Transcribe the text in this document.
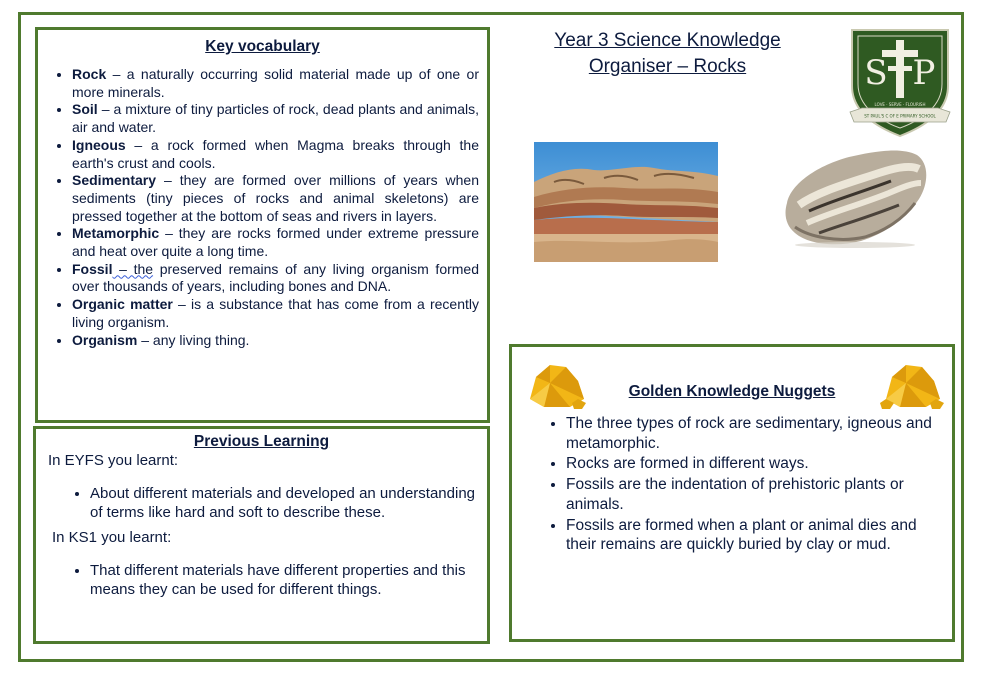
Key vocabulary
• Rock – a naturally occurring solid material made up of one or more minerals.
• Soil – a mixture of tiny particles of rock, dead plants and animals, air and water.
• Igneous – a rock formed when Magma breaks through the earth's crust and cools.
• Sedimentary – they are formed over millions of years when sediments (tiny pieces of rocks and animal skeletons) are pressed together at the bottom of seas and rivers in layers.
• Metamorphic – they are rocks formed under extreme pressure and heat over quite a long time.
• Fossil – the preserved remains of any living organism formed over thousands of years, including bones and DNA.
• Organic matter – is a substance that has come from a recently living organism.
• Organism – any living thing.
Previous Learning
In EYFS you learnt:
• About different materials and developed an understanding of terms like hard and soft to describe these.
In KS1 you learnt:
• That different materials have different properties and this means they can be used for different things.
Year 3 Science Knowledge
Organiser – Rocks	S P
LOVE · SERVE · FLOURISH
ST PAUL'S C OF E PRIMARY SCHOOL
Golden Knowledge Nuggets
• The three types of rock are sedimentary, igneous and metamorphic.
• Rocks are formed in different ways.
• Fossils are the indentation of prehistoric plants or animals.
• Fossils are formed when a plant or animal dies and their remains are quickly buried by clay or mud.
